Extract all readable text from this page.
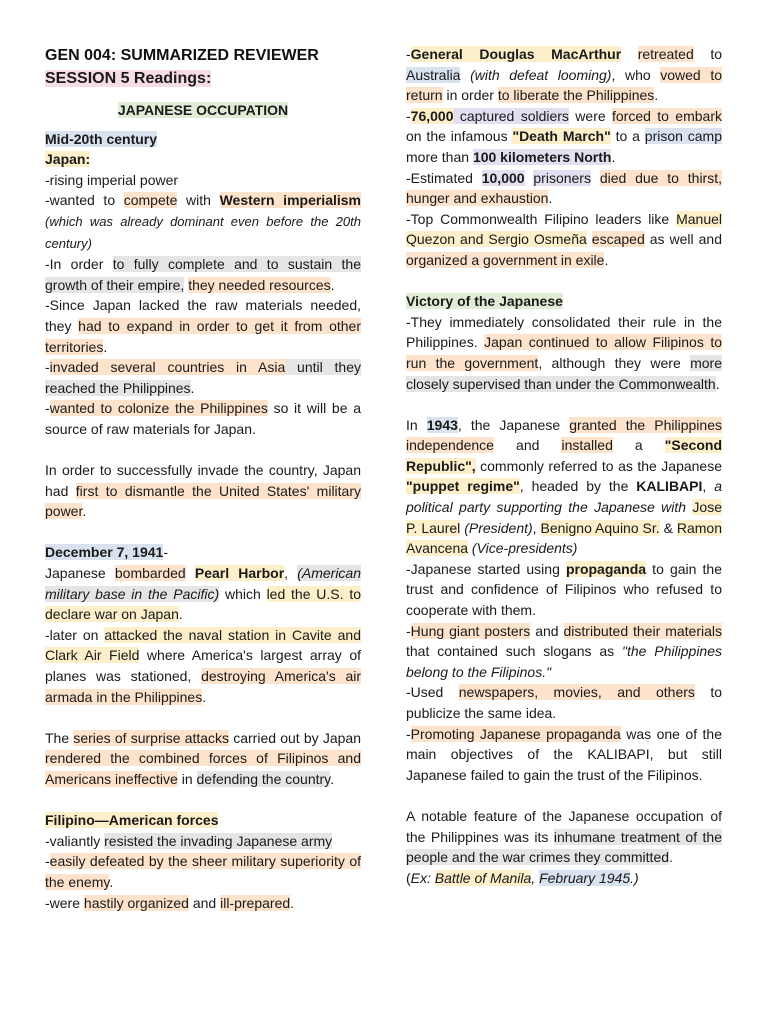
GEN 004: SUMMARIZED REVIEWER
SESSION 5 Readings:
JAPANESE OCCUPATION
Mid-20th century
Japan:
-rising imperial power
-wanted to compete with Western imperialism (which was already dominant even before the 20th century)
-In order to fully complete and to sustain the growth of their empire, they needed resources.
-Since Japan lacked the raw materials needed, they had to expand in order to get it from other territories.
-invaded several countries in Asia until they reached the Philippines.
-wanted to colonize the Philippines so it will be a source of raw materials for Japan.
In order to successfully invade the country, Japan had first to dismantle the United States' military power.
December 7, 1941-
Japanese bombarded Pearl Harbor, (American military base in the Pacific) which led the U.S. to declare war on Japan.
-later on attacked the naval station in Cavite and Clark Air Field where America's largest array of planes was stationed, destroying America's air armada in the Philippines.
The series of surprise attacks carried out by Japan rendered the combined forces of Filipinos and Americans ineffective in defending the country.
Filipino—American forces
-valiantly resisted the invading Japanese army
-easily defeated by the sheer military superiority of the enemy.
-were hastily organized and ill-prepared.
-General Douglas MacArthur retreated to Australia (with defeat looming), who vowed to return in order to liberate the Philippines.
-76,000 captured soldiers were forced to embark on the infamous "Death March" to a prison camp more than 100 kilometers North.
-Estimated 10,000 prisoners died due to thirst, hunger and exhaustion.
-Top Commonwealth Filipino leaders like Manuel Quezon and Sergio Osmeña escaped as well and organized a government in exile.
Victory of the Japanese
-They immediately consolidated their rule in the Philippines. Japan continued to allow Filipinos to run the government, although they were more closely supervised than under the Commonwealth.
In 1943, the Japanese granted the Philippines independence and installed a "Second Republic", commonly referred to as the Japanese "puppet regime", headed by the KALIBAPI, a political party supporting the Japanese with Jose P. Laurel (President), Benigno Aquino Sr. & Ramon Avancena (Vice-presidents)
-Japanese started using propaganda to gain the trust and confidence of Filipinos who refused to cooperate with them.
-Hung giant posters and distributed their materials that contained such slogans as "the Philippines belong to the Filipinos."
-Used newspapers, movies, and others to publicize the same idea.
-Promoting Japanese propaganda was one of the main objectives of the KALIBAPI, but still Japanese failed to gain the trust of the Filipinos.
A notable feature of the Japanese occupation of the Philippines was its inhumane treatment of the people and the war crimes they committed.
(Ex: Battle of Manila, February 1945.)
